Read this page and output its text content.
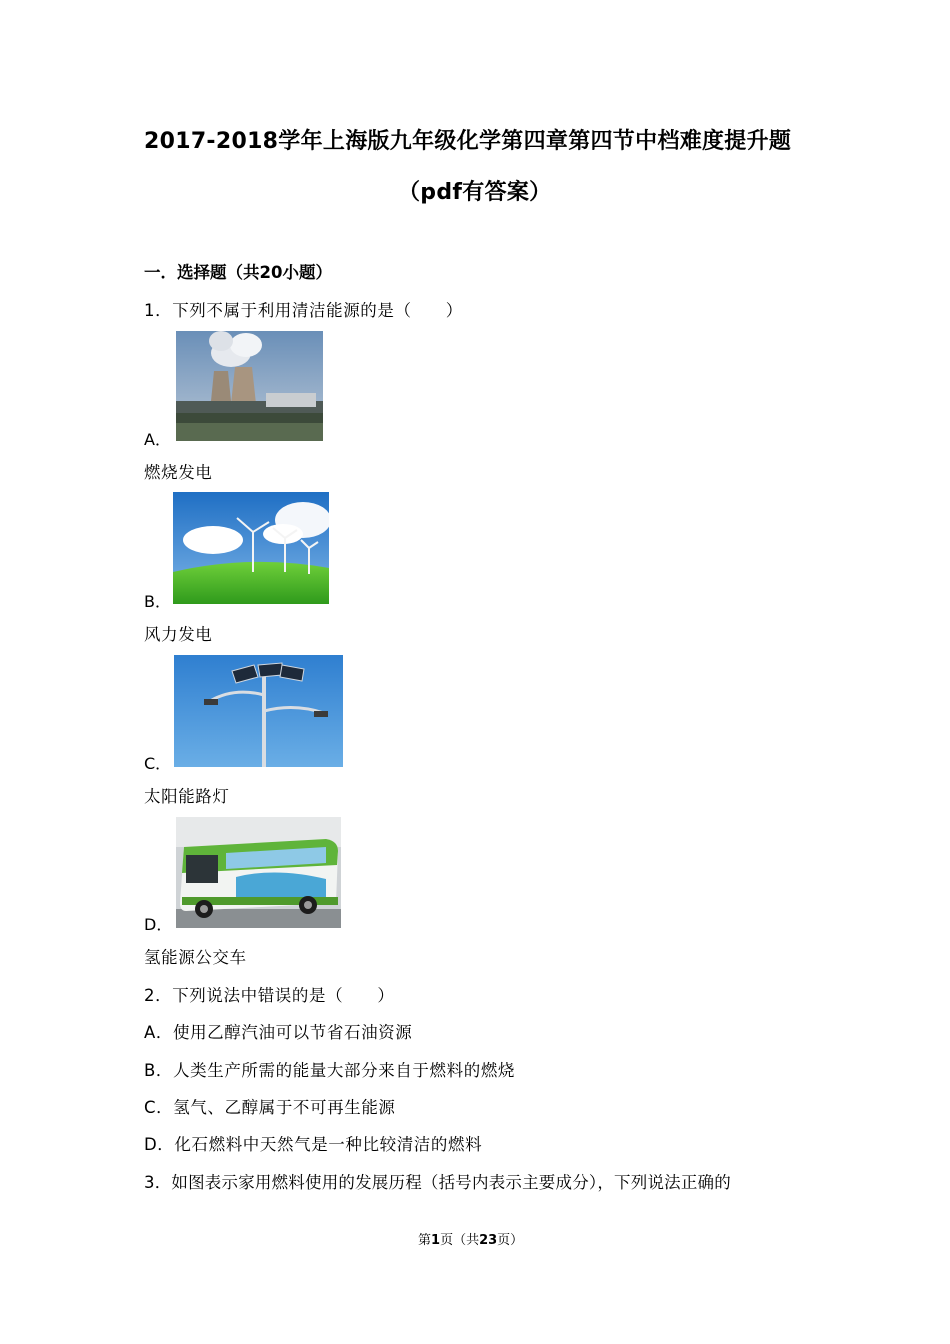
2017-2018学年上海版九年级化学第四章第四节中档难度提升题
（pdf有答案）
一．选择题（共20小题）
1．下列不属于利用清洁能源的是（　　）
A．
燃烧发电
B．
风力发电
C．
太阳能路灯
D．
氢能源公交车
2．下列说法中错误的是（　　）
A．使用乙醇汽油可以节省石油资源
B．人类生产所需的能量大部分来自于燃料的燃烧
C．氢气、乙醇属于不可再生能源
D．化石燃料中天然气是一种比较清洁的燃料
3．如图表示家用燃料使用的发展历程（括号内表示主要成分），下列说法正确的
第1页（共23页）
